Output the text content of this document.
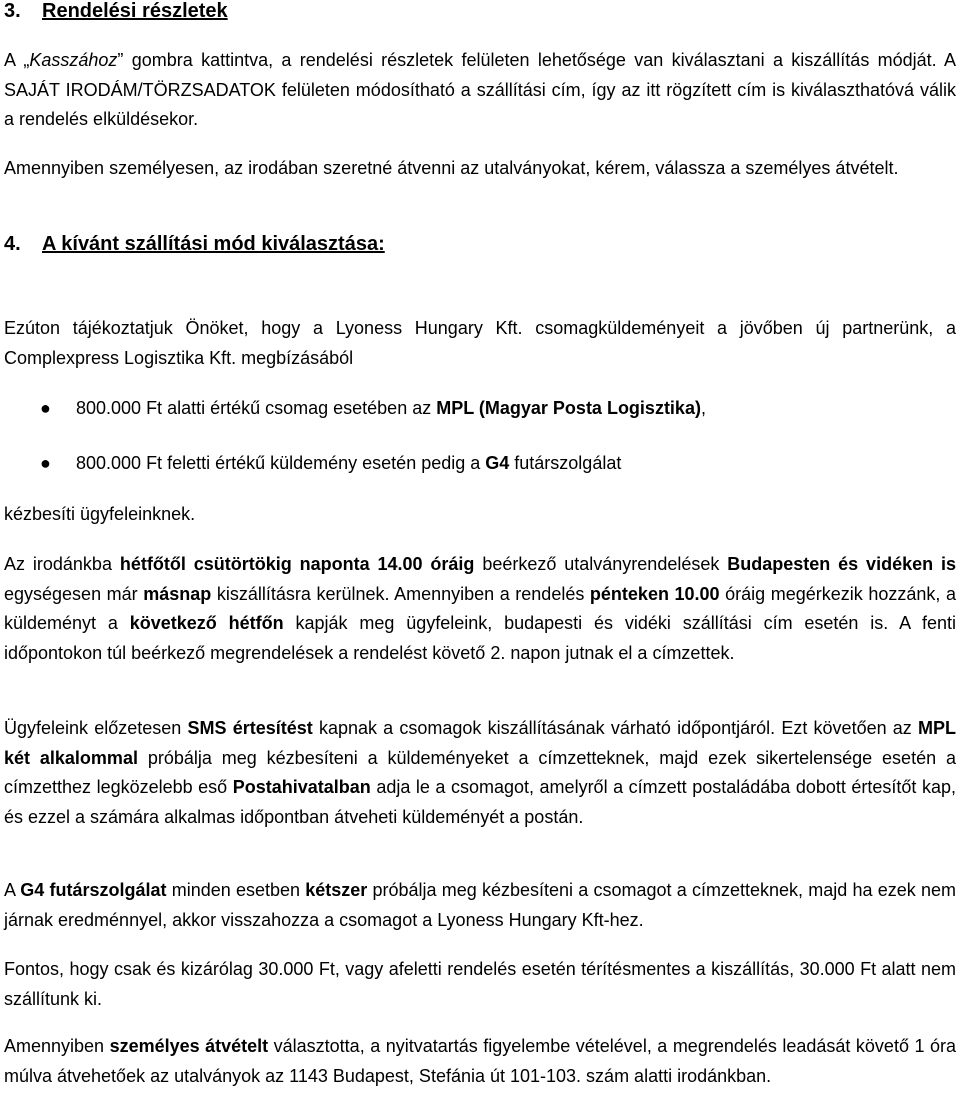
3. Rendelési részletek

A „Kasszához” gombra kattintva, a rendelési részletek felületen lehetősége van kiválasztani a kiszállítás módját. A SAJÁT IRODÁM/TÖRZSADATOK felületen módosítható a szállítási cím, így az itt rögzített cím is kiválaszthatóvá válik a rendelés elküldésekor.

Amennyiben személyesen, az irodában szeretné átvenni az utalványokat, kérem, válassza a személyes átvételt.

4. A kívánt szállítási mód kiválasztása:

Ezúton tájékoztatjuk Önöket, hogy a Lyoness Hungary Kft. csomagküldeményeit a jövőben új partnerünk, a Complexpress Logisztika Kft. megbízásából

● 800.000 Ft alatti értékű csomag esetében az MPL (Magyar Posta Logisztika),
● 800.000 Ft feletti értékű küldemény esetén pedig a G4 futárszolgálat

kézbesíti ügyfeleinknek.

Az irodánkba hétfőtől csütörtökig naponta 14.00 óráig beérkező utalványrendelések Budapesten és vidéken is egységesen már másnap kiszállításra kerülnek. Amennyiben a rendelés pénteken 10.00 óráig megérkezik hozzánk, a küldeményt a következő hétfőn kapják meg ügyfeleink, budapesti és vidéki szállítási cím esetén is. A fenti időpontokon túl beérkező megrendelések a rendelést követő 2. napon jutnak el a címzettek.

Ügyfeleink előzetesen SMS értesítést kapnak a csomagok kiszállításának várható időpontjáról. Ezt követően az MPL két alkalommal próbálja meg kézbesíteni a küldeményeket a címzetteknek, majd ezek sikertelensége esetén a címzetthez legközelebb eső Postahivatalban adja le a csomagot, amelyről a címzett postaládába dobott értesítőt kap, és ezzel a számára alkalmas időpontban átveheti küldeményét a postán.

A G4 futárszolgálat minden esetben kétszer próbálja meg kézbesíteni a csomagot a címzetteknek, majd ha ezek nem járnak eredménnyel, akkor visszahozza a csomagot a Lyoness Hungary Kft-hez.

Fontos, hogy csak és kizárólag 30.000 Ft, vagy afeletti rendelés esetén térítésmentes a kiszállítás, 30.000 Ft alatt nem szállítunk ki.

Amennyiben személyes átvételt választotta, a nyitvatartás figyelembe vételével, a megrendelés leadását követő 1 óra múlva átvehetőek az utalványok az 1143 Budapest, Stefánia út 101-103. szám alatti irodánkban.
